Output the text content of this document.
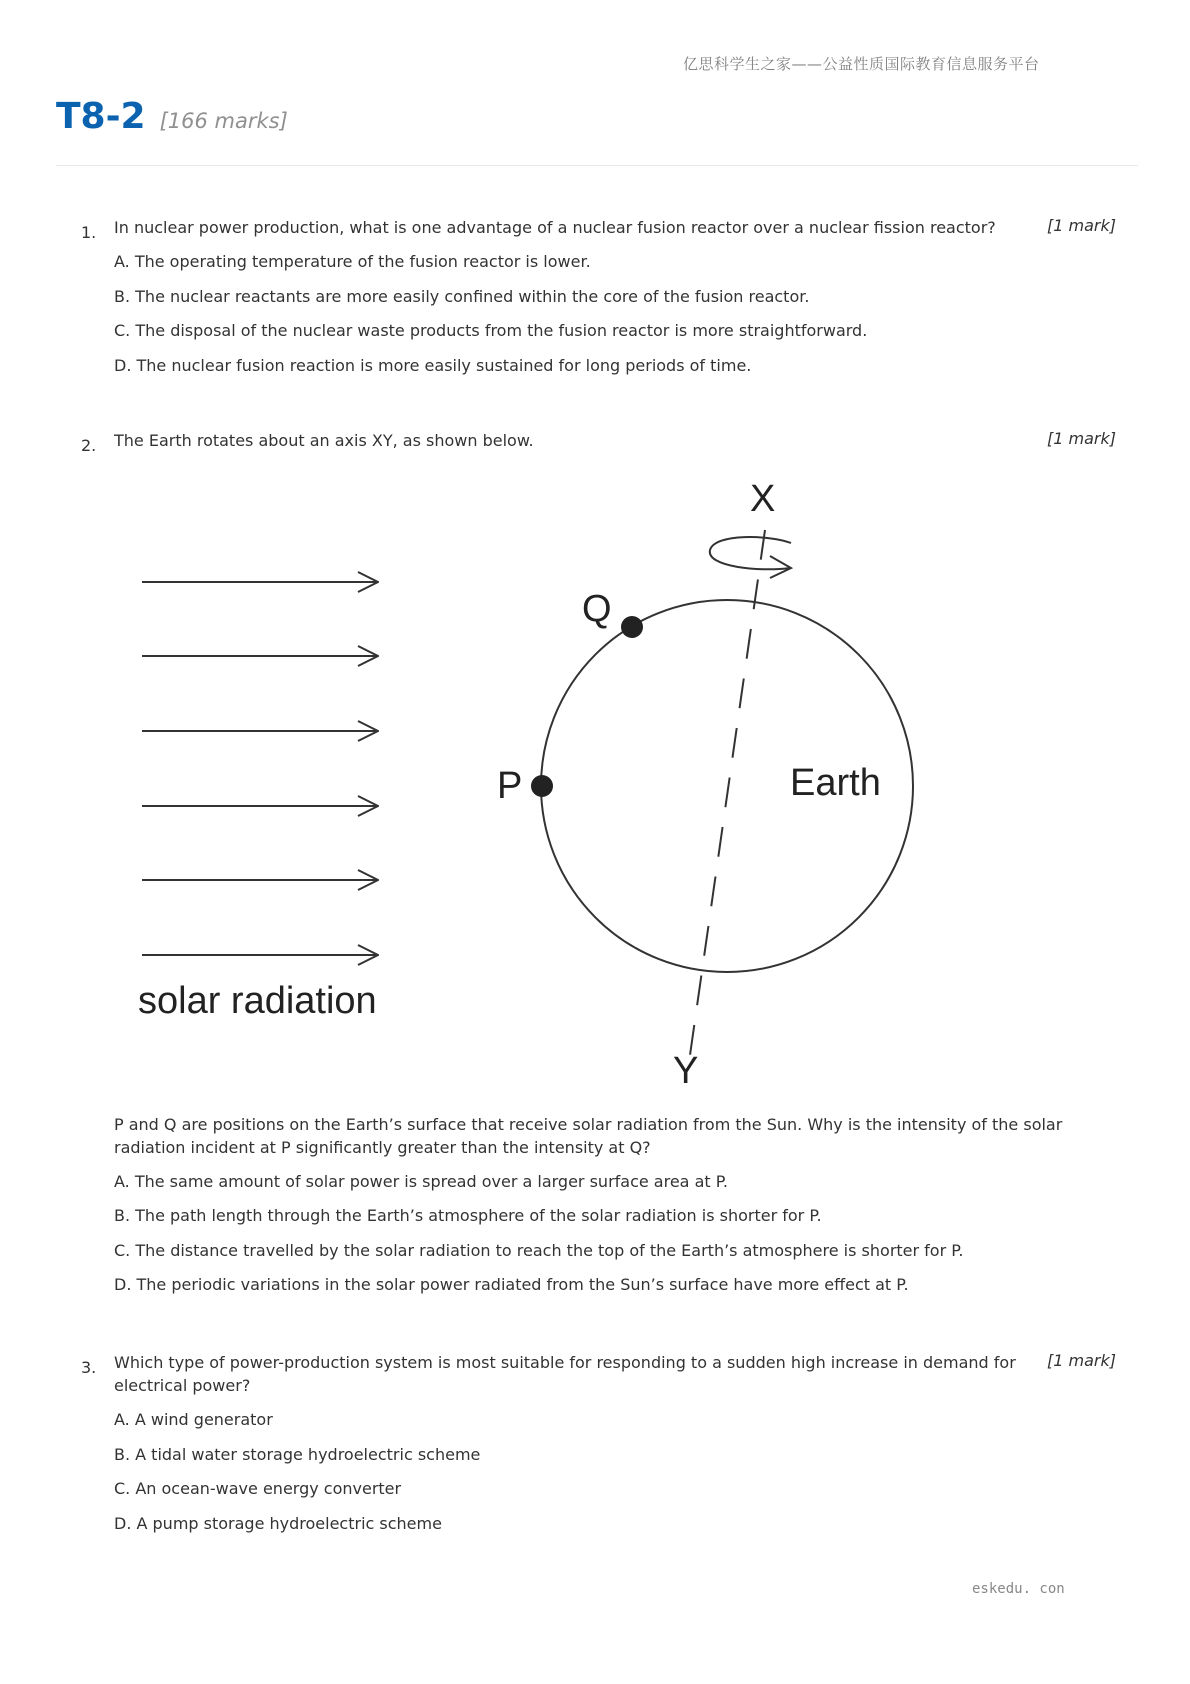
亿思科学生之家——公益性质国际教育信息服务平台
T8-2 [166 marks]
1. In nuclear power production, what is one advantage of a nuclear fusion reactor over a nuclear fission reactor?	[1 mark]
A. The operating temperature of the fusion reactor is lower.
B. The nuclear reactants are more easily confined within the core of the fusion reactor.
C. The disposal of the nuclear waste products from the fusion reactor is more straightforward.
D. The nuclear fusion reaction is more easily sustained for long periods of time.
2. The Earth rotates about an axis XY, as shown below.	[1 mark]
solar radiation
X
Y
Q
P	Earth
P and Q are positions on the Earth’s surface that receive solar radiation from the Sun. Why is the intensity of the solar
radiation incident at P significantly greater than the intensity at Q?
A. The same amount of solar power is spread over a larger surface area at P.
B. The path length through the Earth’s atmosphere of the solar radiation is shorter for P.
C. The distance travelled by the solar radiation to reach the top of the Earth’s atmosphere is shorter for P.
D. The periodic variations in the solar power radiated from the Sun’s surface have more effect at P.
3. Which type of power-production system is most suitable for responding to a sudden high increase in demand for
electrical power?
[1 mark]
A. A wind generator
B. A tidal water storage hydroelectric scheme
C. An ocean-wave energy converter
D. A pump storage hydroelectric scheme
eskedu. con
